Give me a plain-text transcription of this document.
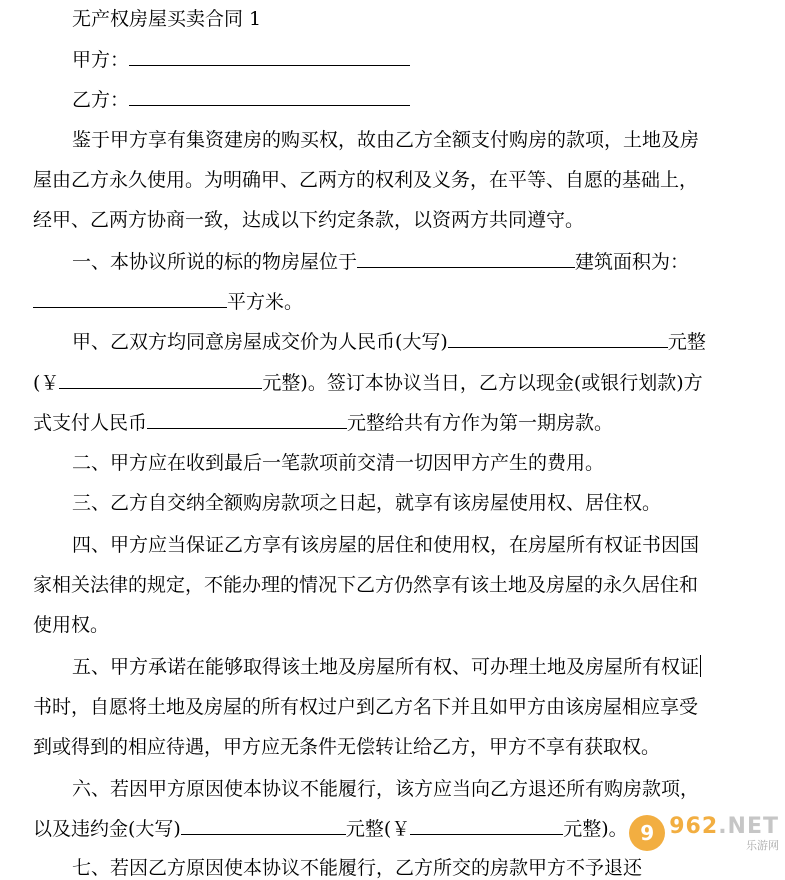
无产权房屋买卖合同 1
甲方：
乙方：
鉴于甲方享有集资建房的购买权，故由乙方全额支付购房的款项，土地及房
屋由乙方永久使用。为明确甲、乙两方的权利及义务，在平等、自愿的基础上，
经甲、乙两方协商一致，达成以下约定条款，以资两方共同遵守。
一、本协议所说的标的物房屋位于	建筑面积为：
平方米。
甲、乙双方均同意房屋成交价为人民币(大写)	元整
(￥	元整)。签订本协议当日，乙方以现金(或银行划款)方
式支付人民币	元整给共有方作为第一期房款。
二、甲方应在收到最后一笔款项前交清一切因甲方产生的费用。
三、乙方自交纳全额购房款项之日起，就享有该房屋使用权、居住权。
四、甲方应当保证乙方享有该房屋的居住和使用权，在房屋所有权证书因国
家相关法律的规定，不能办理的情况下乙方仍然享有该土地及房屋的永久居住和
使用权。
五、甲方承诺在能够取得该土地及房屋所有权、可办理土地及房屋所有权证
书时，自愿将土地及房屋的所有权过户到乙方名下并且如甲方由该房屋相应享受
到或得到的相应待遇，甲方应无条件无偿转让给乙方，甲方不享有获取权。
六、若因甲方原因使本协议不能履行，该方应当向乙方退还所有购房款项，
以及违约金(大写)	元整(￥	元整)。
七、若因乙方原因使本协议不能履行，乙方所交的房款甲方不予退还
9 962.NET
乐游网
